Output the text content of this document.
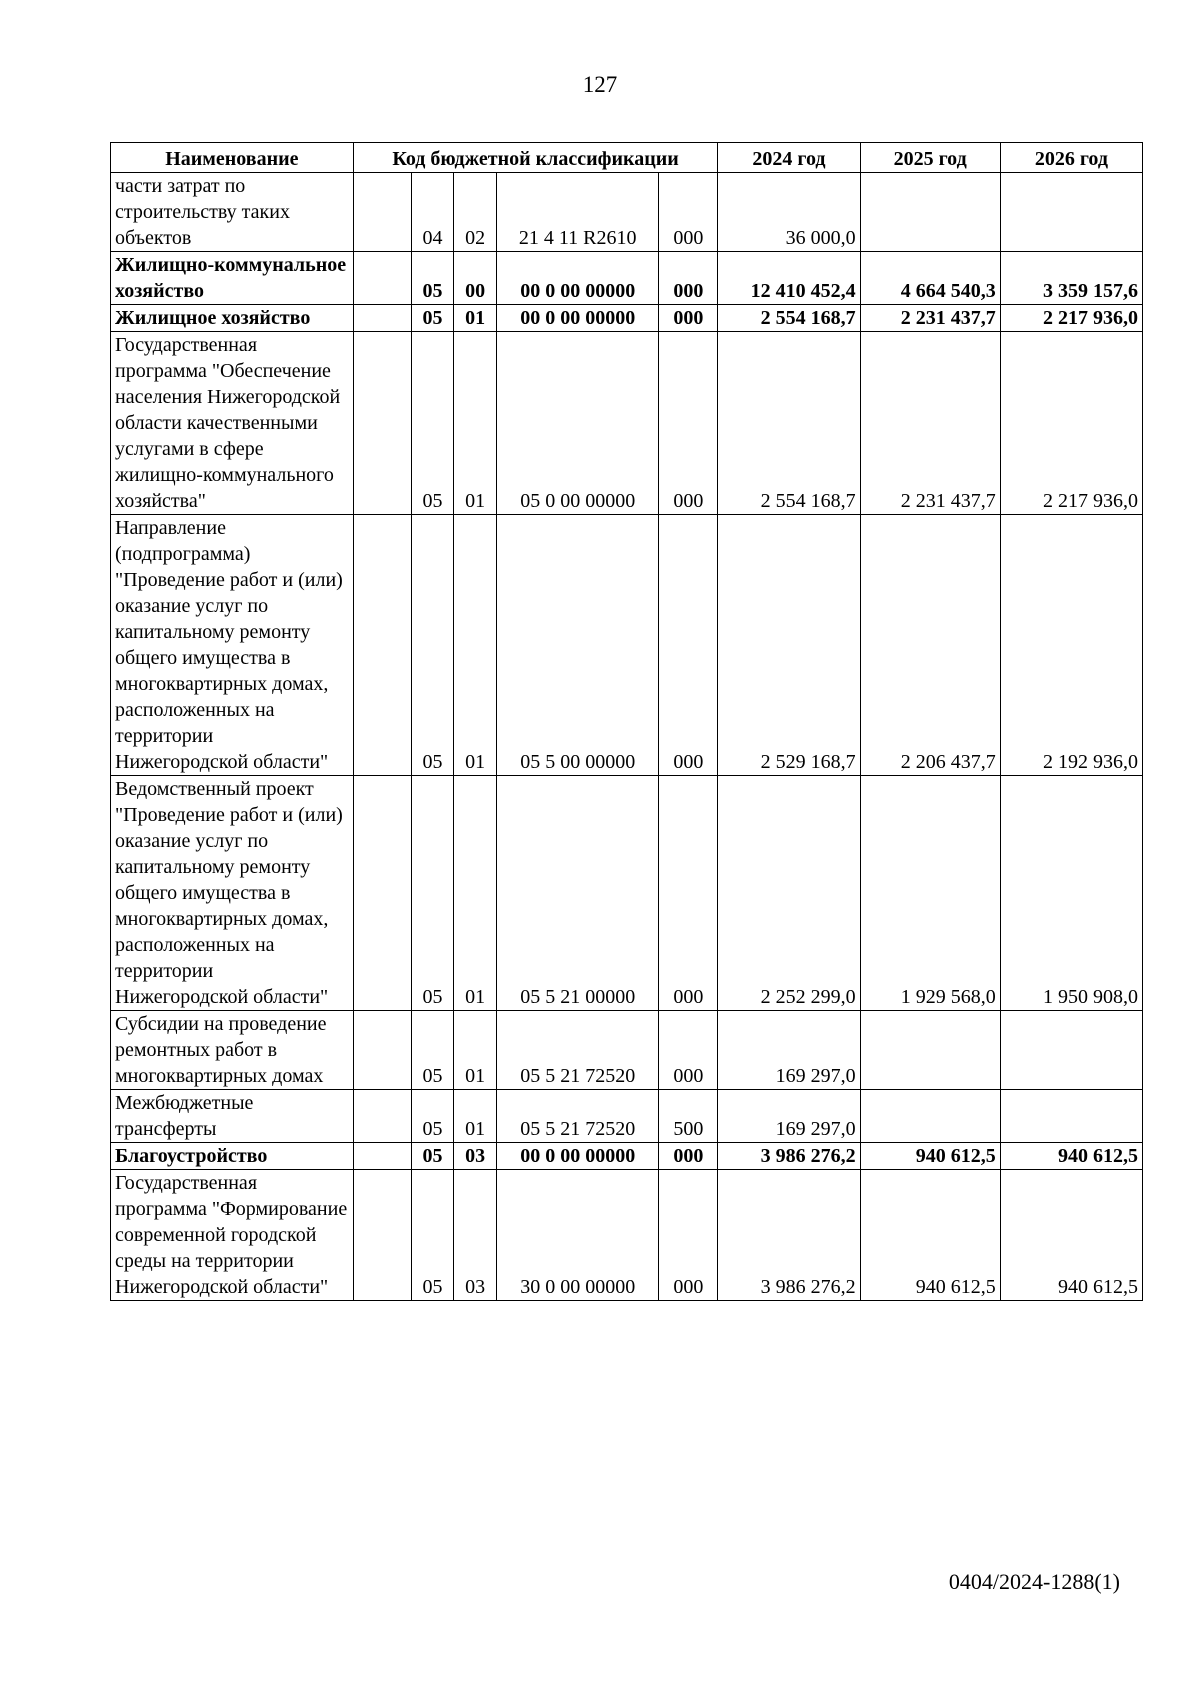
127
Наименование	Код бюджетной классификации					2024 год	2025 год	2026 год
части затрат по строительству таких объектов		04	02	21 4 11 R2610	000	36 000,0		
Жилищно-коммунальное хозяйство		05	00	00 0 00 00000	000	12 410 452,4	4 664 540,3	3 359 157,6
Жилищное хозяйство		05	01	00 0 00 00000	000	2 554 168,7	2 231 437,7	2 217 936,0
Государственная программа "Обеспечение населения Нижегородской области качественными услугами в сфере жилищно-коммунального хозяйства"		05	01	05 0 00 00000	000	2 554 168,7	2 231 437,7	2 217 936,0
Направление (подпрограмма) "Проведение работ и (или) оказание услуг по капитальному ремонту общего имущества в многоквартирных домах, расположенных на территории Нижегородской области"		05	01	05 5 00 00000	000	2 529 168,7	2 206 437,7	2 192 936,0
Ведомственный проект "Проведение работ и (или) оказание услуг по капитальному ремонту общего имущества в многоквартирных домах, расположенных на территории Нижегородской области"		05	01	05 5 21 00000	000	2 252 299,0	1 929 568,0	1 950 908,0
Субсидии на проведение ремонтных работ в многоквартирных домах		05	01	05 5 21 72520	000	169 297,0		
Межбюджетные трансферты		05	01	05 5 21 72520	500	169 297,0		
Благоустройство		05	03	00 0 00 00000	000	3 986 276,2	940 612,5	940 612,5
Государственная программа "Формирование современной городской среды на территории Нижегородской области"		05	03	30 0 00 00000	000	3 986 276,2	940 612,5	940 612,5
0404/2024-1288(1)
